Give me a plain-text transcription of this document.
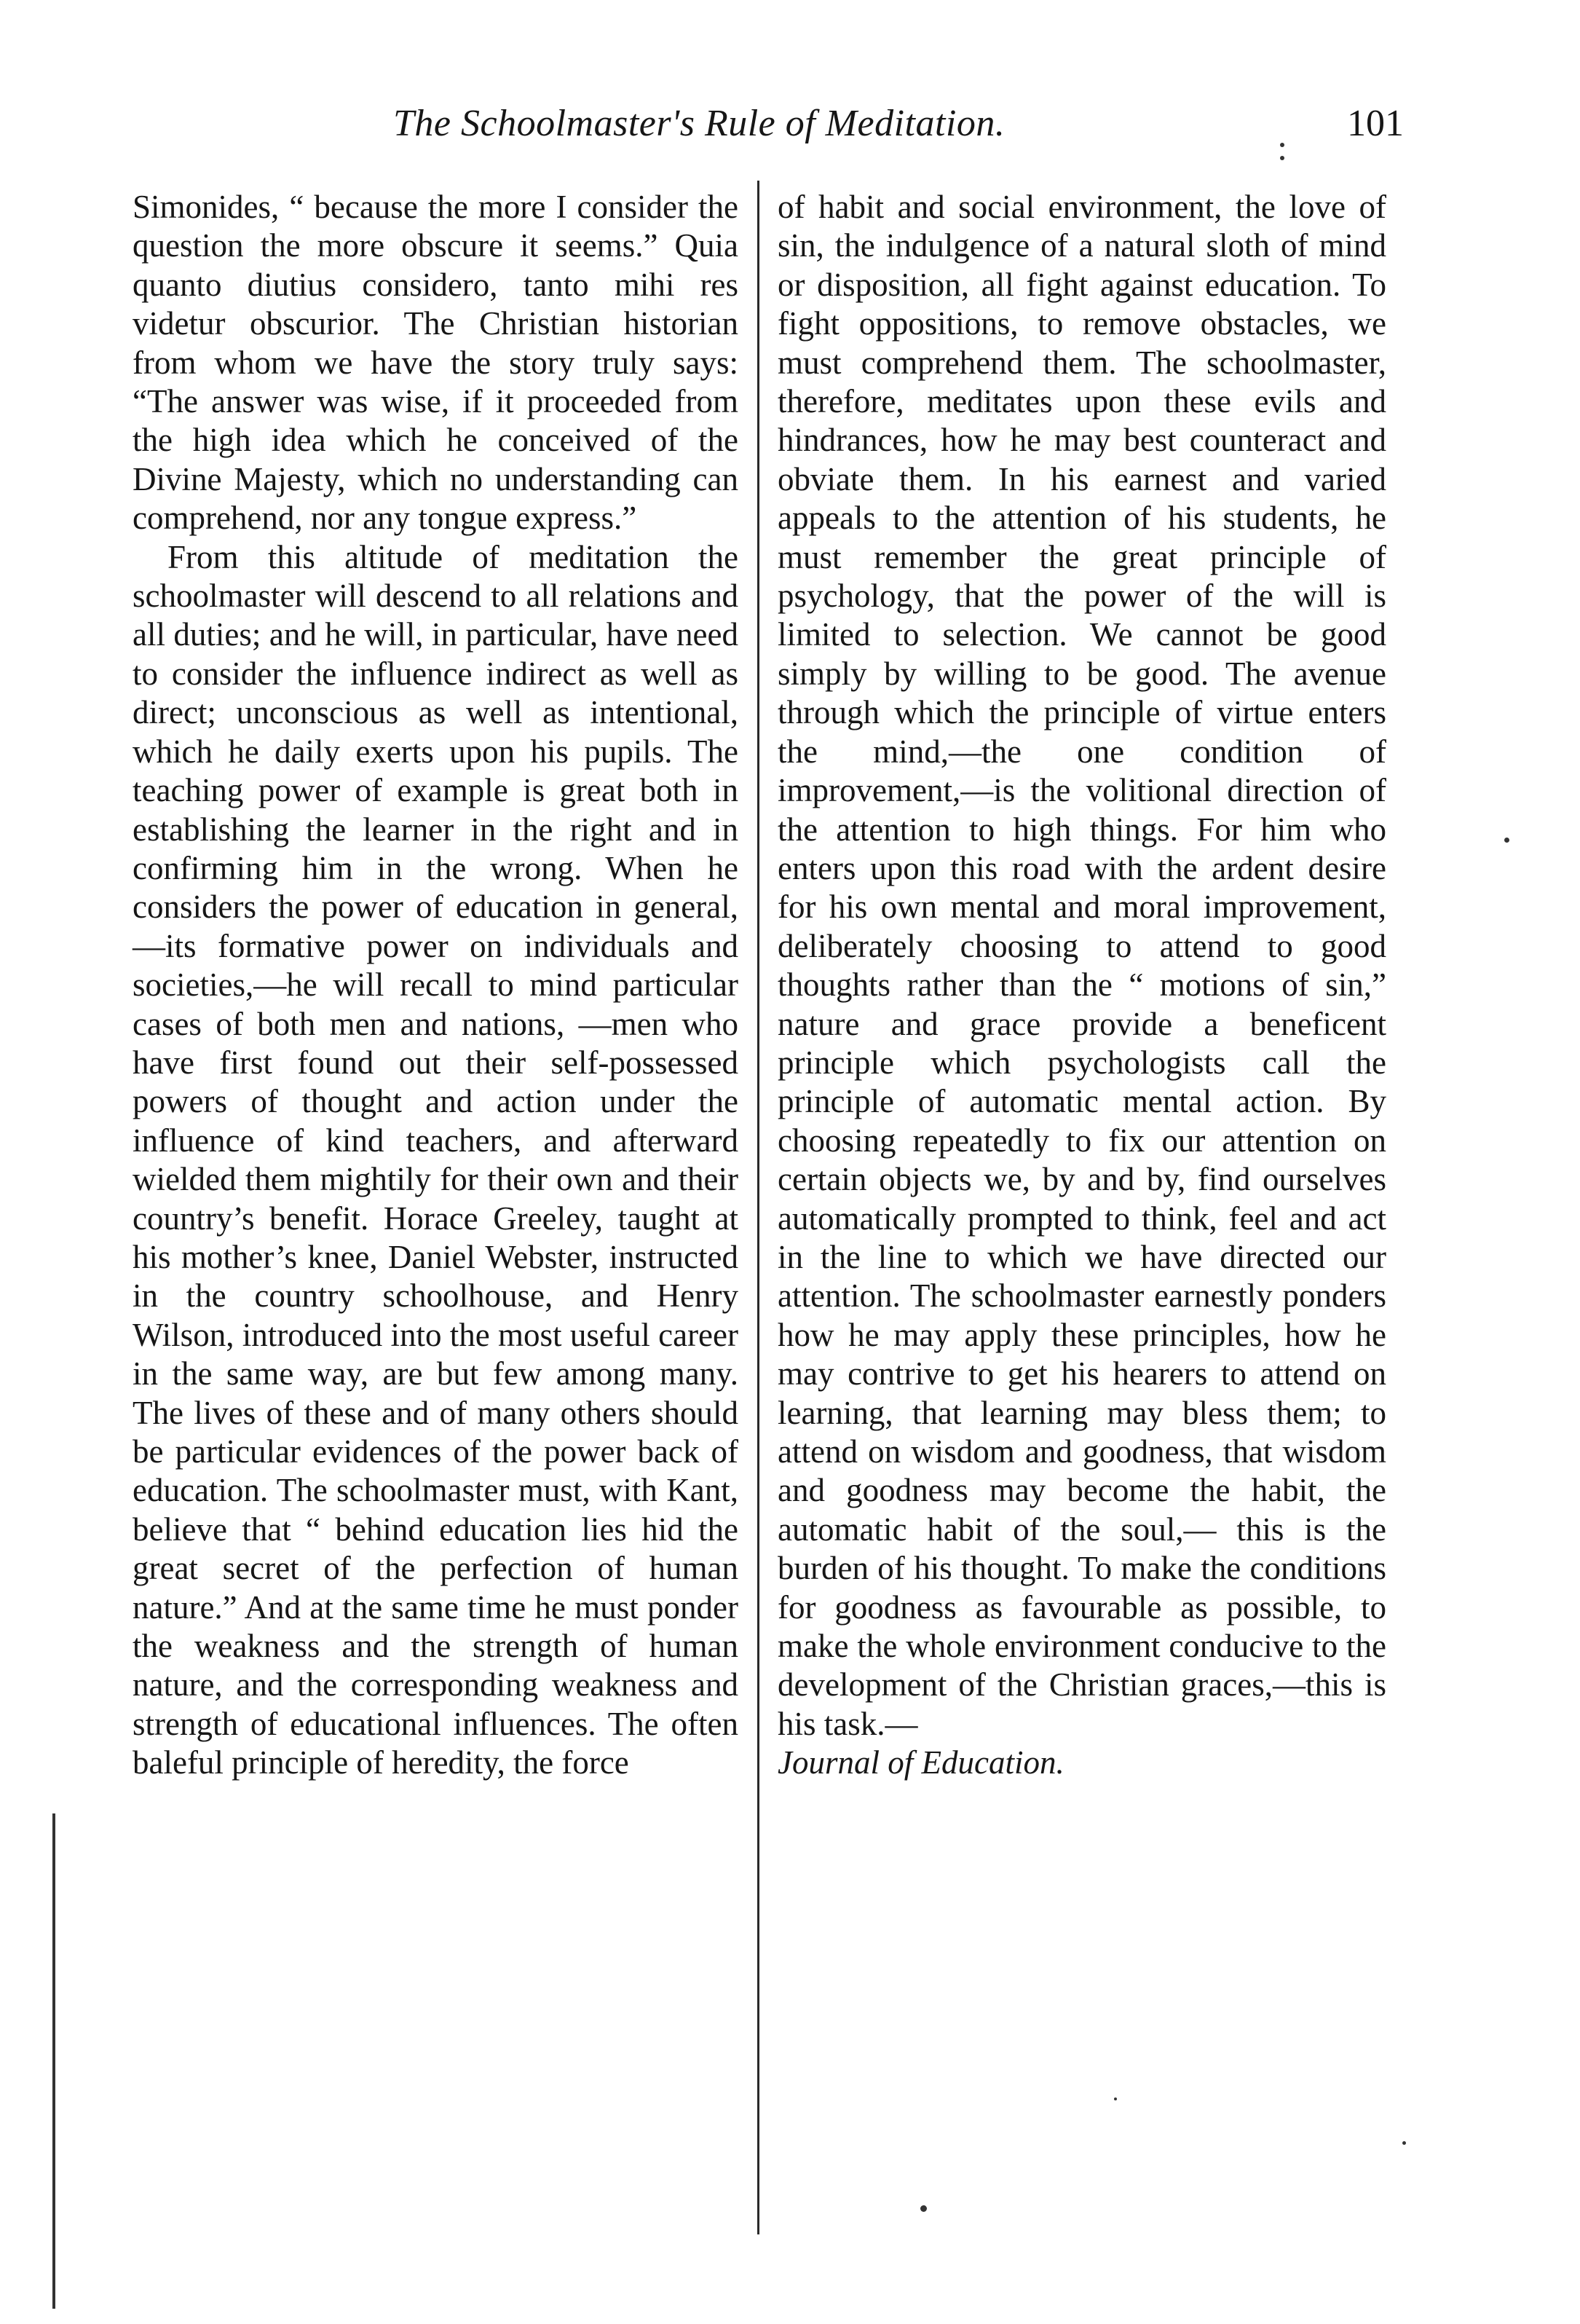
The Schoolmaster's Rule of Meditation.	101

Simonides, “ because the more I consider the question the more obscure it seems.” Quia quanto diutius considero, tanto mihi res videtur obscurior. The Christian historian from whom we have the story truly says: “The answer was wise, if it proceeded from the high idea which he conceived of the Divine Majesty, which no understanding can comprehend, nor any tongue express.”

From this altitude of meditation the schoolmaster will descend to all relations and all duties; and he will, in particular, have need to consider the influence indirect as well as direct; unconscious as well as intentional, which he daily exerts upon his pupils. The teaching power of example is great both in establishing the learner in the right and in confirming him in the wrong. When he considers the power of education in general,—its formative power on individuals and societies,—he will recall to mind particular cases of both men and nations, —men who have first found out their self-possessed powers of thought and action under the influence of kind teachers, and afterward wielded them mightily for their own and their country’s benefit. Horace Greeley, taught at his mother’s knee, Daniel Webster, instructed in the country schoolhouse, and Henry Wilson, introduced into the most useful career in the same way, are but few among many. The lives of these and of many others should be particular evidences of the power back of education. The schoolmaster must, with Kant, believe that “ behind education lies hid the great secret of the perfection of human nature.” And at the same time he must ponder the weakness and the strength of human nature, and the corresponding weakness and strength of educational influences. The often baleful principle of heredity, the force

of habit and social environment, the love of sin, the indulgence of a natural sloth of mind or disposition, all fight against education. To fight oppositions, to remove obstacles, we must comprehend them. The schoolmaster, therefore, meditates upon these evils and hindrances, how he may best counteract and obviate them. In his earnest and varied appeals to the attention of his students, he must remember the great principle of psychology, that the power of the will is limited to selection. We cannot be good simply by willing to be good. The avenue through which the principle of virtue enters the mind,—the one condition of improvement,—is the volitional direction of the attention to high things. For him who enters upon this road with the ardent desire for his own mental and moral improvement, deliberately choosing to attend to good thoughts rather than the “ motions of sin,” nature and grace provide a beneficent principle which psychologists call the principle of automatic mental action. By choosing repeatedly to fix our attention on certain objects we, by and by, find ourselves automatically prompted to think, feel and act in the line to which we have directed our attention. The schoolmaster earnestly ponders how he may apply these principles, how he may contrive to get his hearers to attend on learning, that learning may bless them; to attend on wisdom and goodness, that wisdom and goodness may become the habit, the automatic habit of the soul,— this is the burden of his thought. To make the conditions for goodness as favourable as possible, to make the whole environment conducive to the development of the Christian graces,—this is his task.—

Journal of Education.
